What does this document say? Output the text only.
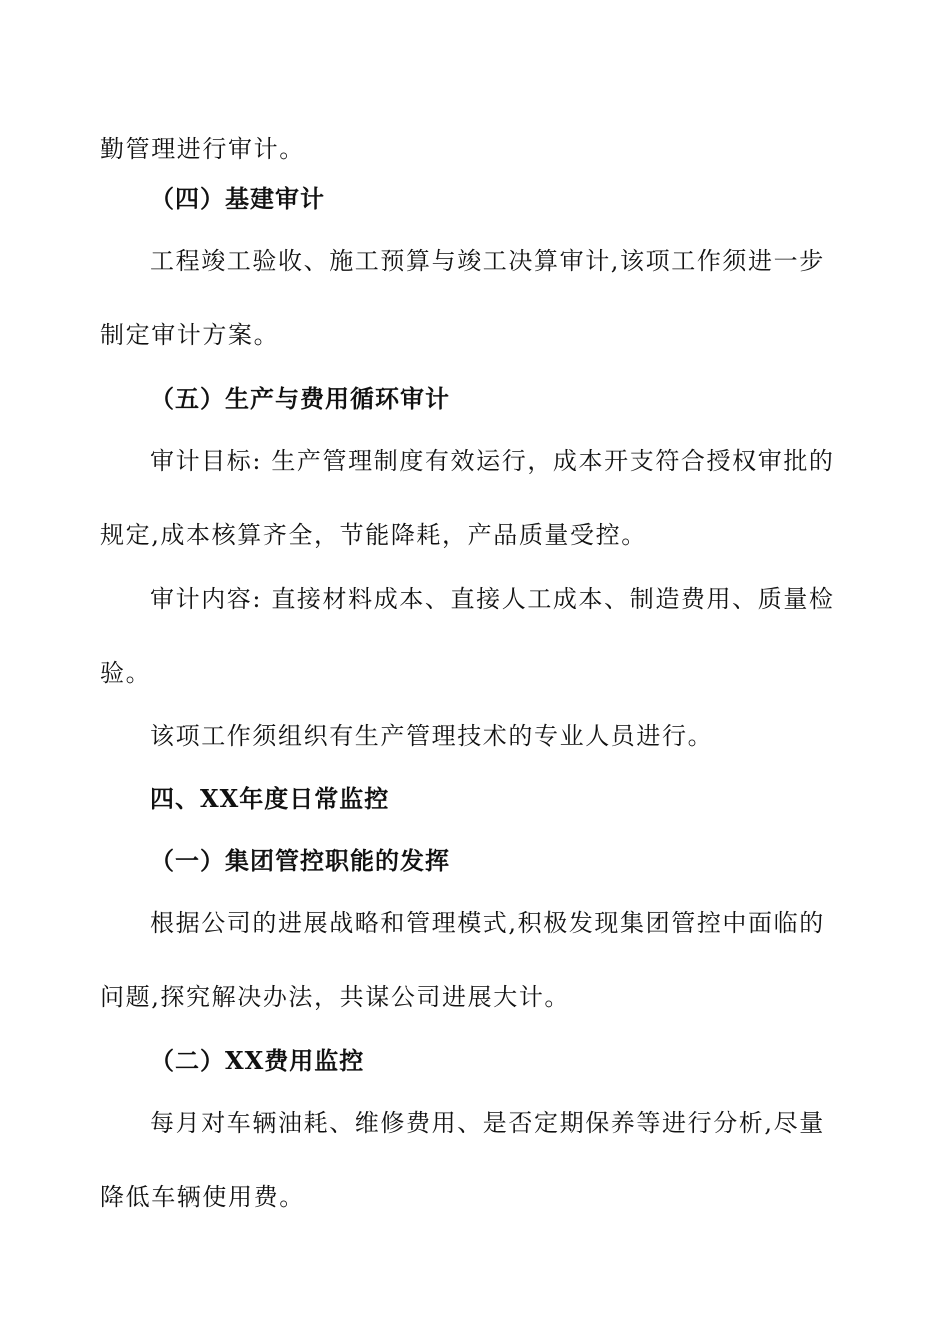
勤管理进行审计。
（四）基建审计
工程竣工验收、施工预算与竣工决算审计,该项工作须进一步
制定审计方案。
（五）生产与费用循环审计
审计目标: 生产管理制度有效运行，成本开支符合授权审批的
规定,成本核算齐全，节能降耗，产品质量受控。
审计内容: 直接材料成本、直接人工成本、制造费用、质量检
验。
该项工作须组织有生产管理技术的专业人员进行。
四、XX年度日常监控
（一）集团管控职能的发挥
根据公司的进展战略和管理模式,积极发现集团管控中面临的
问题,探究解决办法，共谋公司进展大计。
（二）XX费用监控
每月对车辆油耗、维修费用、是否定期保养等进行分析,尽量
降低车辆使用费。
